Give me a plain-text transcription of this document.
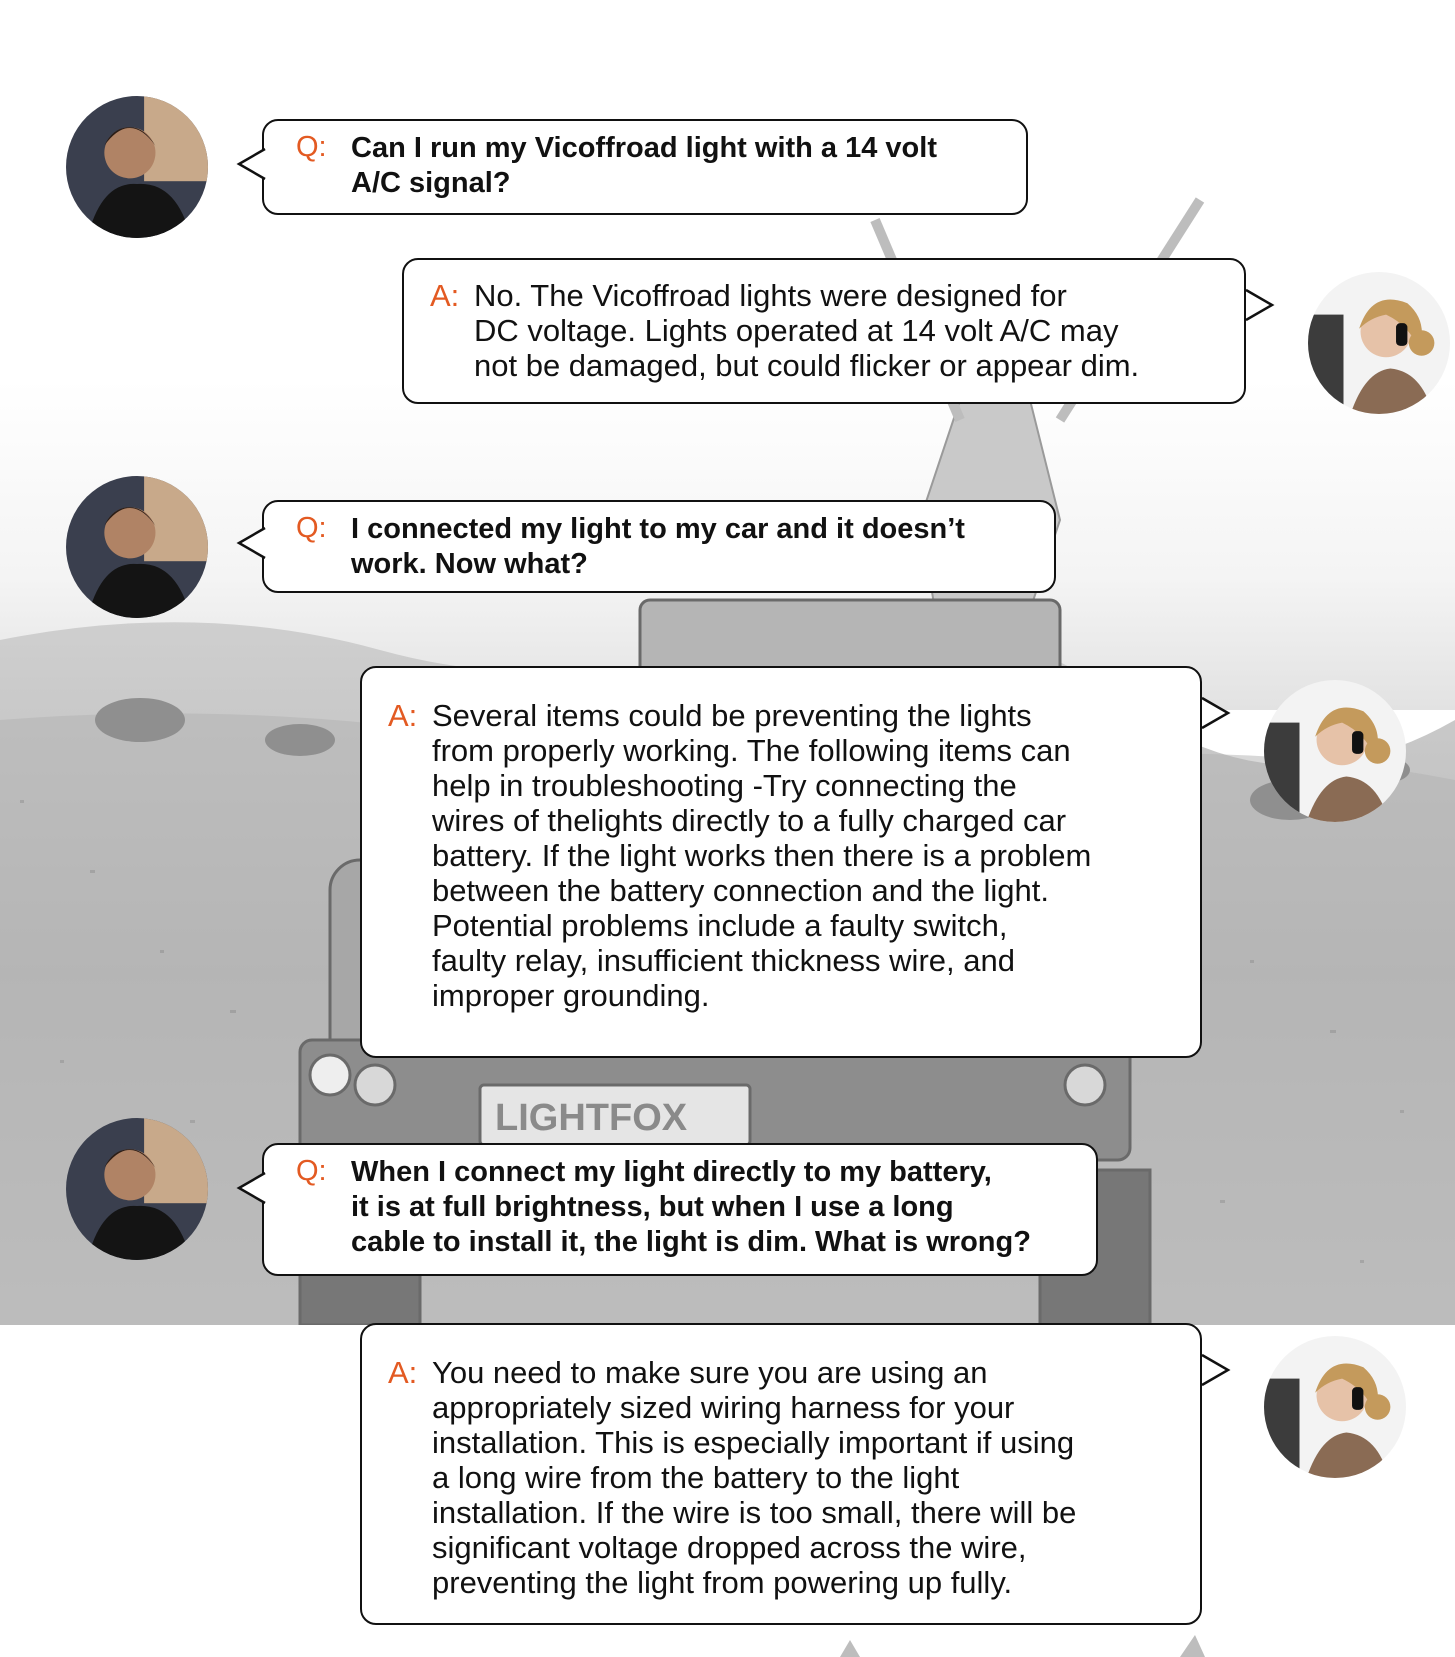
LIGHTFOX
Q: Can I run my Vicoffroad light with a 14 volt
A/C signal?
A: No. The Vicoffroad lights were designed for
DC voltage. Lights operated at 14 volt A/C may
not be damaged, but could flicker or appear dim.
Q: I connected my light to my car and it doesn’t
work. Now what?
A: Several items could be preventing the lights
from properly working. The following items can
help in troubleshooting -Try connecting the
wires of thelights directly to a fully charged car
battery. If the light works then there is a problem
between the battery connection and the light.
Potential problems include a faulty switch,
faulty relay, insufficient thickness wire, and
improper grounding.
Q: When I connect my light directly to my battery,
it is at full brightness, but when I use a long
cable to install it, the light is dim. What is wrong?
A: You need to make sure you are using an
appropriately sized wiring harness for your
installation. This is especially important if using
a long wire from the battery to the light
installation. If the wire is too small, there will be
significant voltage dropped across the wire,
preventing the light from powering up fully.
